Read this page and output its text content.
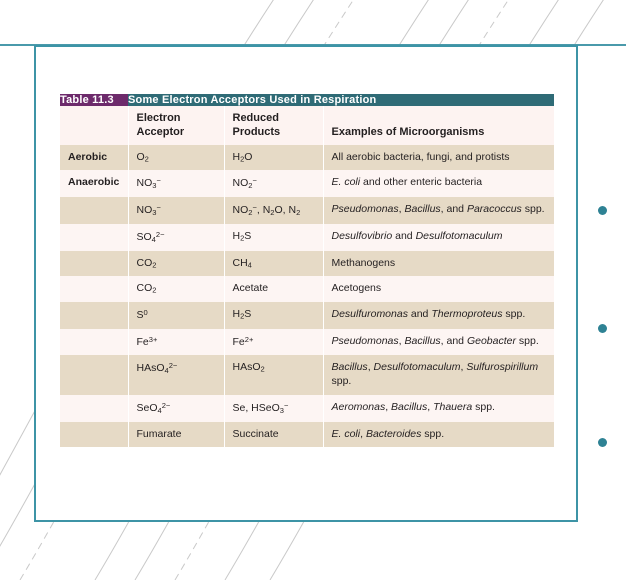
Table 11.3	Some Electron Acceptors Used in Respiration		
	Electron Acceptor	Reduced Products	Examples of Microorganisms
Aerobic	$O_2$	$H_2O$	All aerobic bacteria, fungi, and protists
Anaerobic	$NO_3^-$	$NO_2^-$	E. coli and other enteric bacteria
	$NO_3^-$	$NO_2^-$, $N_2O$, $N_2$	Pseudomonas, Bacillus, and Paracoccus spp.
	$SO_4^{2-}$	$H_2S$	Desulfovibrio and Desulfotomaculum
	$CO_2$	$CH_4$	Methanogens
	$CO_2$	Acetate	Acetogens
	$S^0$	$H_2S$	Desulfuromonas and Thermoproteus spp.
	$Fe^{3+}$	$Fe^{2+}$	Pseudomonas, Bacillus, and Geobacter spp.
	HAsO$_4^{2-}$	HAsO$_2$	Bacillus, Desulfotomaculum, Sulfurospirillum spp.
	SeO$_4^{2-}$	Se, HSeO$_3$−	Aeromonas, Bacillus, Thauera spp.
	Fumarate	Succinate	E. coli, Bacteroides spp.
